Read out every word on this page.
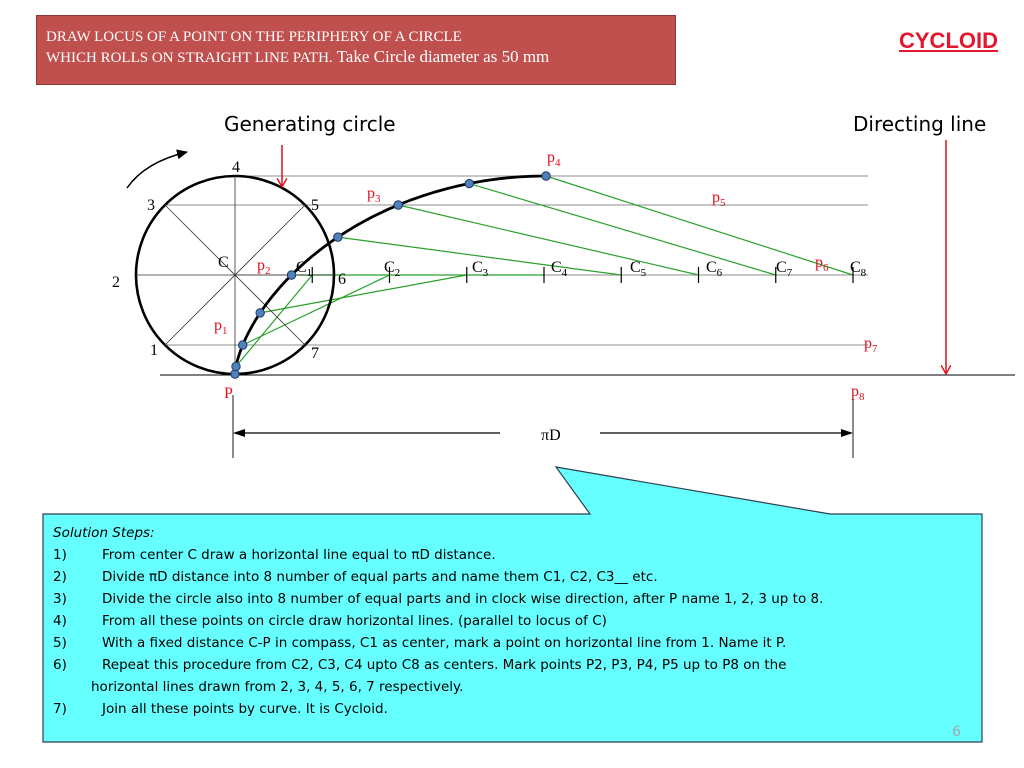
DRAW LOCUS OF A POINT ON THE PERIPHERY OF A CIRCLE
WHICH ROLLS ON STRAIGHT LINE PATH. Take Circle diameter as 50 mm
CYCLOID
πD
Generating circle	Directing line
C
P
1
2
3
4
5
6
7
$C_1$	$C_2$	$C_3$	$C_4$	$C_5$	$C_6$	$C_7$	$C_8$
$p_1$
$p_2$
$p_3$
$p_4$
$p_5$
$p_6$
$p_7$
$p_8$
Solution Steps:
1)	From center C draw a horizontal line equal to πD distance.
2)	Divide πD distance into 8 number of equal parts and name them C1, C2, C3__ etc.
3)	Divide the circle also into 8 number of equal parts and in clock wise direction, after P name 1, 2, 3 up to 8.
4)	From all these points on circle draw horizontal lines. (parallel to locus of C)
5)	With a fixed distance C-P in compass, C1 as center, mark a point on horizontal line from 1. Name it P.
6)	Repeat this procedure from C2, C3, C4 upto C8 as centers. Mark points P2, P3, P4, P5 up to P8 on the
horizontal lines drawn from 2, 3, 4, 5, 6, 7 respectively.
7)	Join all these points by curve. It is Cycloid.
6
